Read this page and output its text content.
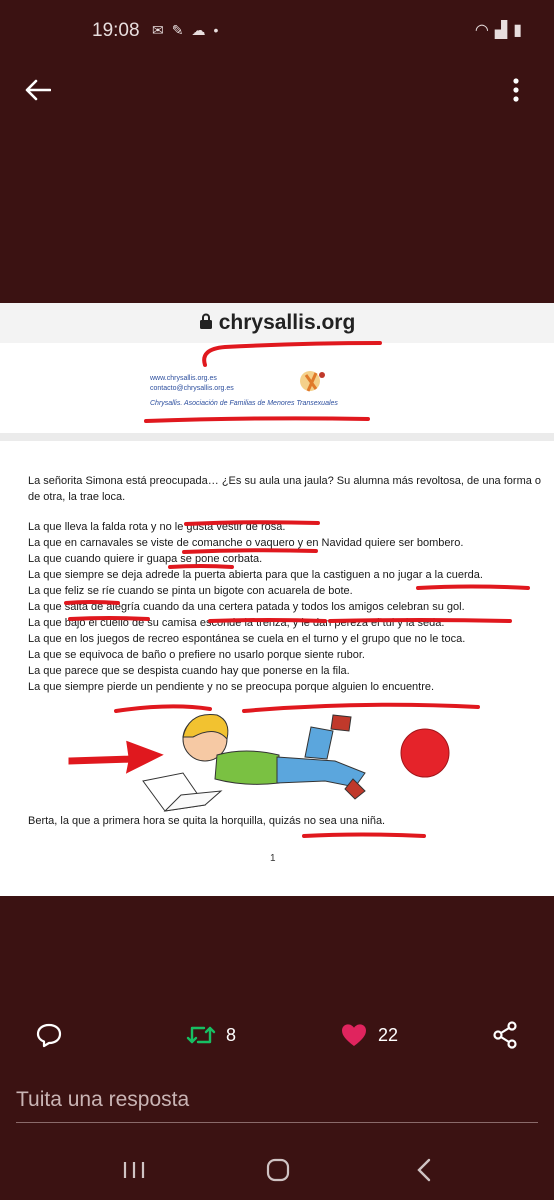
19:08 ✉✎☁•	◠▟▮
chrysallis.org
www.chrysallis.org.es
contacto@chrysallis.org.es
Chrysallis. Asociación de Familias de Menores Transexuales

La señorita Simona está preocupada… ¿Es su aula una jaula? Su alumna más revoltosa, de una forma o de otra, la trae loca.

La que lleva la falda rota y no le gusta vestir de rosa.

La que en carnavales se viste de comanche o vaquero y en Navidad quiere ser bombero.

La que cuando quiere ir guapa se pone corbata.

La que siempre se deja adrede la puerta abierta para que la castiguen a no jugar a la cuerda.

La que feliz se ríe cuando se pinta un bigote con acuarela de bote.

La que salta de alegría cuando da una certera patada y todos los amigos celebran su gol.

La que bajo el cuello de su camisa esconde la trenza, y le dan pereza el tul y la seda.

La que en los juegos de recreo espontánea se cuela en el turno y el grupo que no le toca.

La que se equivoca de baño o prefiere no usarlo porque siente rubor.

La que parece que se despista cuando hay que ponerse en la fila.

La que siempre pierde un pendiente y no se preocupa porque alguien lo encuentre.

Berta, la que a primera hora se quita la horquilla, quizás no sea una niña.
1
8	22
Tuita una resposta
